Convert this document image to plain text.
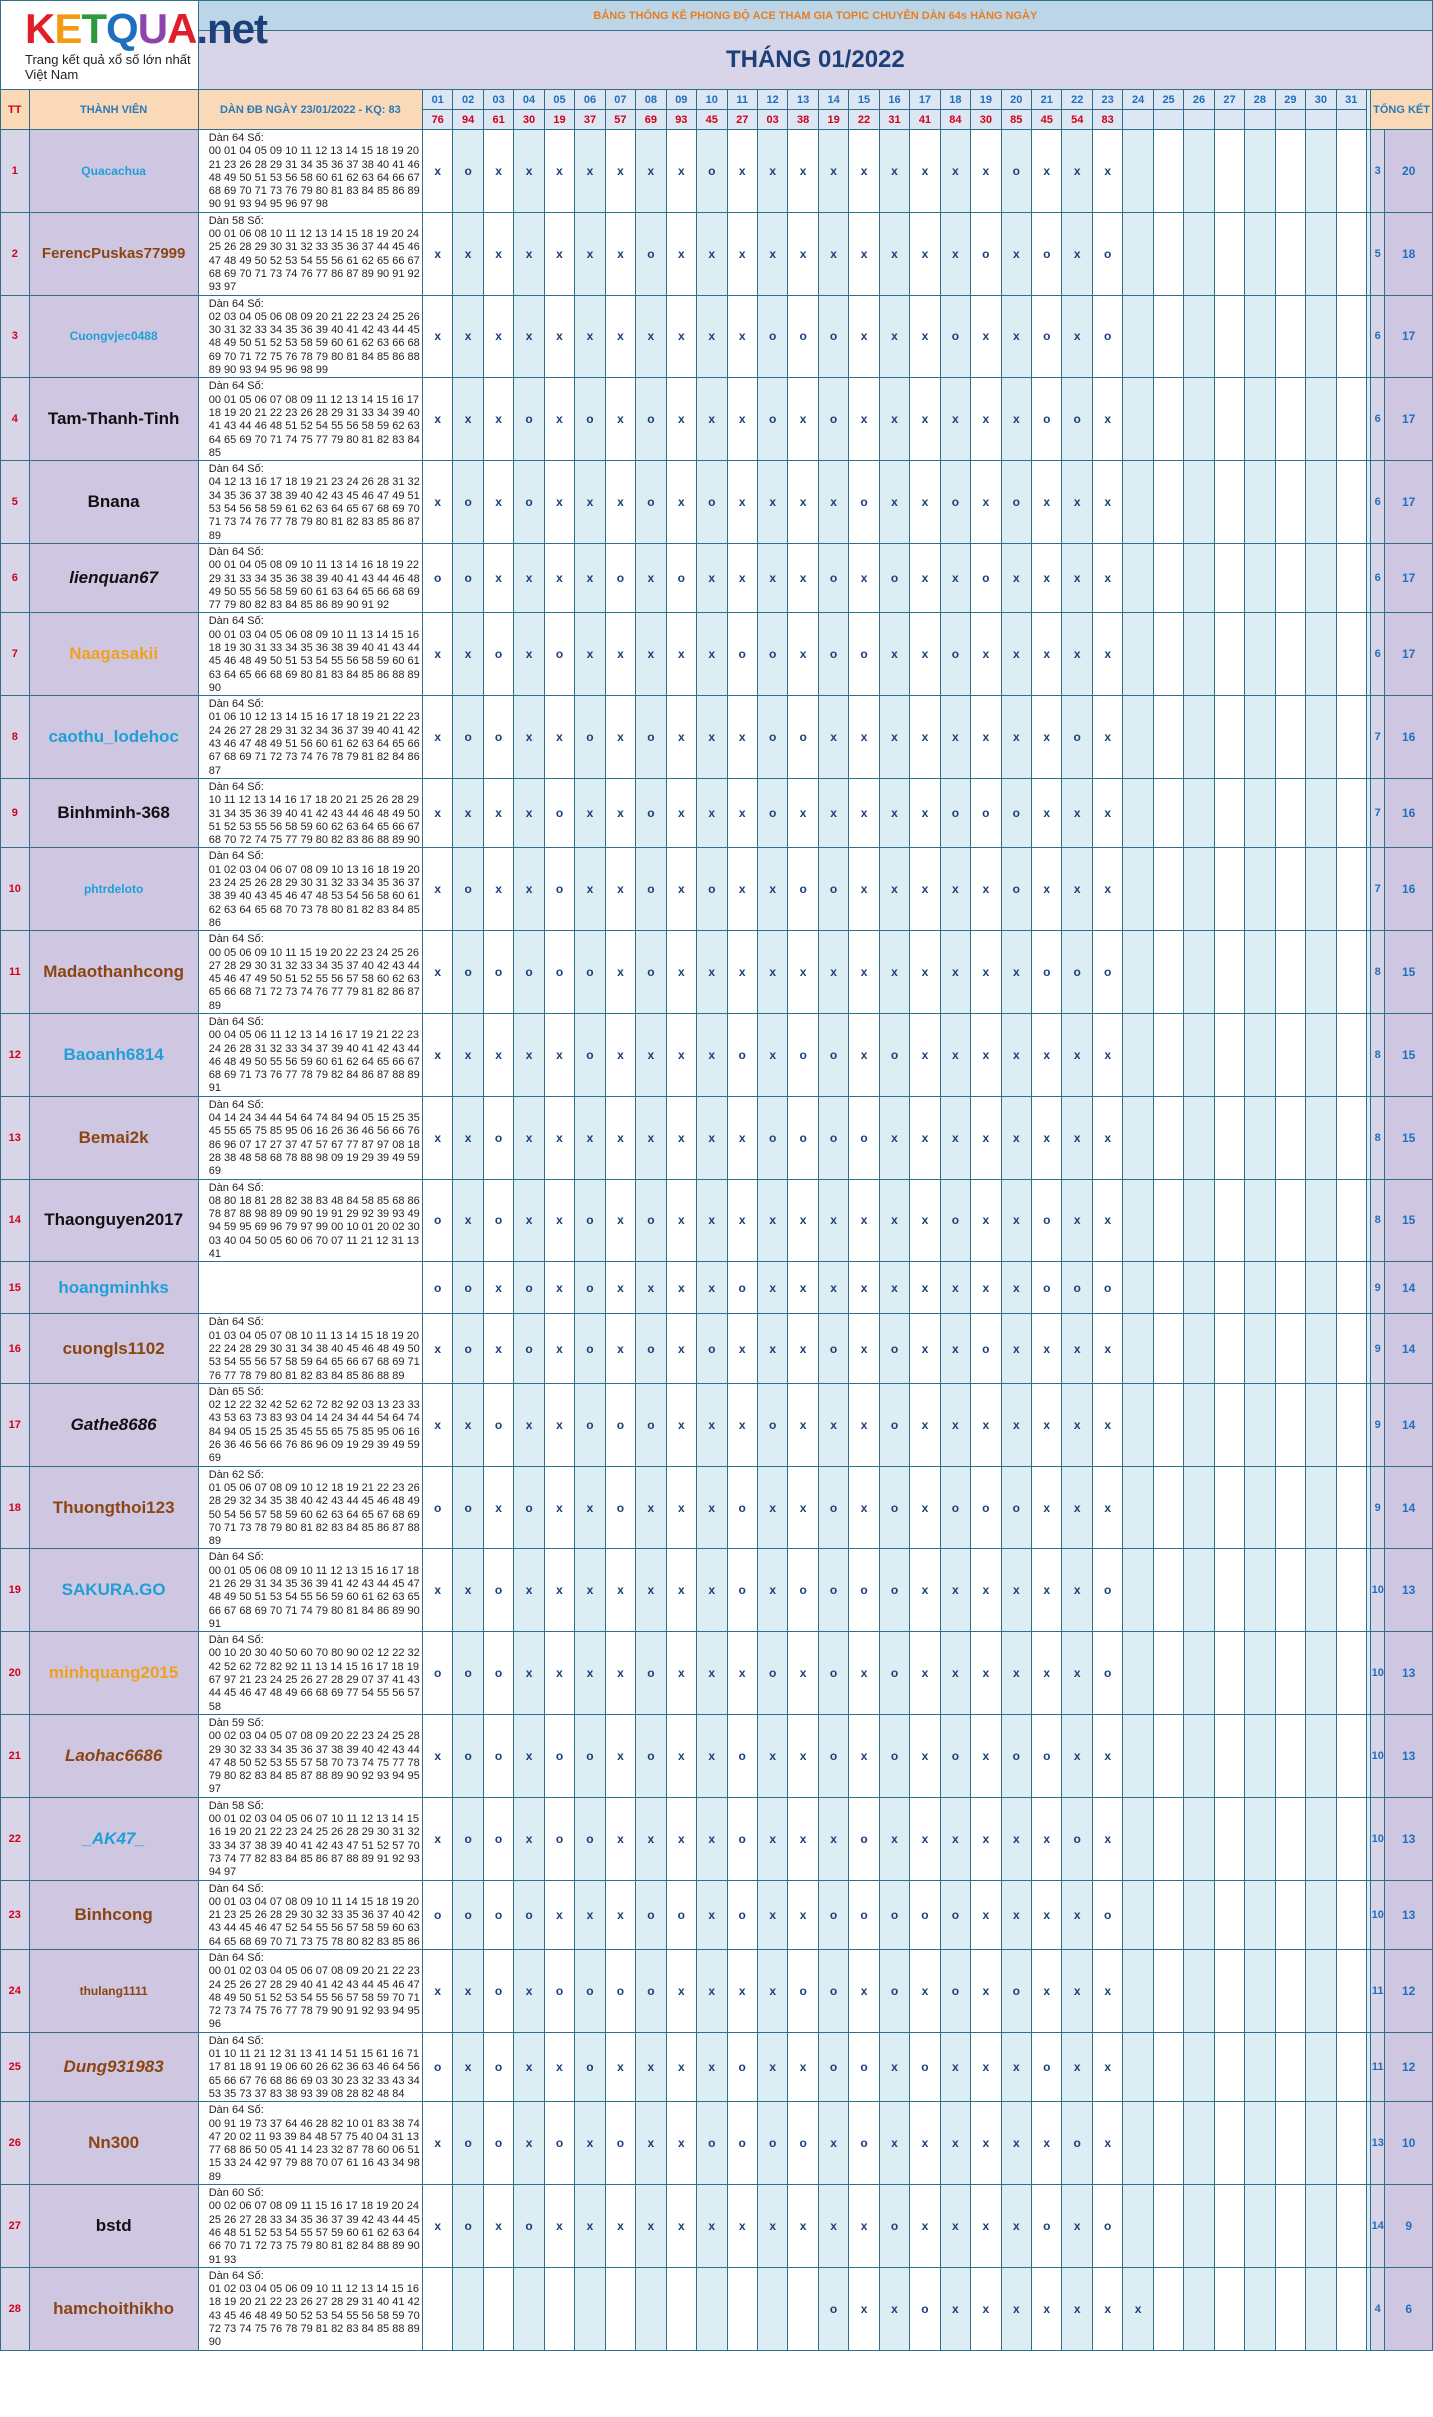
KETQUA.net
Trang kết quả xổ số lớn nhất Việt Nam		BẢNG THỐNG KÊ PHONG ĐỘ ACE THAM GIA TOPIC CHUYÊN DÀN 64s HÀNG NGÀY																																		
		THÁNG 01/2022																																		
TT	THÀNH VIÊN	DÀN ĐB NGÀY 23/01/2022 - KQ: 83	01	02	03	04	05	06	07	08	09	10	11	12	13	14	15	16	17	18	19	20	21	22	23	24	25	26	27	28	29	30	31		TỔNG KẾT	
			76	94	61	30	19	37	57	69	93	45	27	03	38	19	22	31	41	84	30	85	45	54	83											
1	Quacachua	Dàn 64 Số:
00 01 04 05 09 10 11 12 13 14 15 18 19 20 21 23 26 28 29 31 34 35 36 37 38 40 41 46 48 49 50 51 53 56 58 60 61 62 63 64 66 67 68 69 70 71 73 76 79 80 81 83 84 85 86 89 90 91 93 94 95 96 97 98	x	o	x	x	x	x	x	x	x	o	x	x	x	x	x	x	x	x	x	o	x	x	x										3	20
2	FerencPuskas77999	Dàn 58 Số:
00 01 06 08 10 11 12 13 14 15 18 19 20 24 25 26 28 29 30 31 32 33 35 36 37 44 45 46 47 48 49 50 52 53 54 55 56 61 62 65 66 67 68 69 70 71 73 74 76 77 86 87 89 90 91 92 93 97	x	x	x	x	x	x	x	o	x	x	x	x	x	x	x	x	x	x	o	x	o	x	o										5	18
3	Cuongvjec0488	Dàn 64 Số:
02 03 04 05 06 08 09 20 21 22 23 24 25 26 30 31 32 33 34 35 36 39 40 41 42 43 44 45 48 49 50 51 52 53 58 59 60 61 62 63 66 68 69 70 71 72 75 76 78 79 80 81 84 85 86 88 89 90 93 94 95 96 98 99	x	x	x	x	x	x	x	x	x	x	x	o	o	o	x	x	x	o	x	x	o	x	o										6	17
4	Tam-Thanh-Tinh	Dàn 64 Số:
00 01 05 06 07 08 09 11 12 13 14 15 16 17 18 19 20 21 22 23 26 28 29 31 33 34 39 40 41 43 44 46 48 51 52 54 55 56 58 59 62 63 64 65 69 70 71 74 75 77 79 80 81 82 83 84 85	x	x	x	o	x	o	x	o	x	x	x	o	x	o	x	x	x	x	x	x	o	o	x										6	17
5	Bnana	Dàn 64 Số:
04 12 13 16 17 18 19 21 23 24 26 28 31 32 34 35 36 37 38 39 40 42 43 45 46 47 49 51 53 54 56 58 59 61 62 63 64 65 67 68 69 70 71 73 74 76 77 78 79 80 81 82 83 85 86 87 89	x	o	x	o	x	x	x	o	x	o	x	x	x	x	o	x	x	o	x	o	x	x	x										6	17
6	lienquan67	Dàn 64 Số:
00 01 04 05 08 09 10 11 13 14 16 18 19 22 29 31 33 34 35 36 38 39 40 41 43 44 46 48 49 50 55 56 58 59 60 61 63 64 65 66 68 69 77 79 80 82 83 84 85 86 89 90 91 92	o	o	x	x	x	x	o	x	o	x	x	x	x	o	x	o	x	x	o	x	x	x	x										6	17
7	Naagasakii	Dàn 64 Số:
00 01 03 04 05 06 08 09 10 11 13 14 15 16 18 19 30 31 33 34 35 36 38 39 40 41 43 44 45 46 48 49 50 51 53 54 55 56 58 59 60 61 63 64 65 66 68 69 80 81 83 84 85 86 88 89 90	x	x	o	x	o	x	x	x	x	x	o	o	x	o	o	x	x	o	x	x	x	x	x										6	17
8	caothu_lodehoc	Dàn 64 Số:
01 06 10 12 13 14 15 16 17 18 19 21 22 23 24 26 27 28 29 31 32 34 36 37 39 40 41 42 43 46 47 48 49 51 56 60 61 62 63 64 65 66 67 68 69 71 72 73 74 76 78 79 81 82 84 86 87	x	o	o	x	x	o	x	o	x	x	x	o	o	x	x	x	x	x	x	x	x	o	x										7	16
9	Binhminh-368	Dàn 64 Số:
10 11 12 13 14 16 17 18 20 21 25 26 28 29 31 34 35 36 39 40 41 42 43 44 46 48 49 50 51 52 53 55 56 58 59 60 62 63 64 65 66 67 68 70 72 74 75 77 79 80 82 83 86 88 89 90	x	x	x	x	o	x	x	o	x	x	x	o	x	x	x	x	x	o	o	o	x	x	x										7	16
10	phtrdeloto	Dàn 64 Số:
01 02 03 04 06 07 08 09 10 13 16 18 19 20 23 24 25 26 28 29 30 31 32 33 34 35 36 37 38 39 40 43 45 46 47 48 53 54 56 58 60 61 62 63 64 65 68 70 73 78 80 81 82 83 84 85 86	x	o	x	x	o	x	x	o	x	o	x	x	o	o	x	x	x	x	x	o	x	x	x										7	16
11	Madaothanhcong	Dàn 64 Số:
00 05 06 09 10 11 15 19 20 22 23 24 25 26 27 28 29 30 31 32 33 34 35 37 40 42 43 44 45 46 47 49 50 51 52 55 56 57 58 60 62 63 65 66 68 71 72 73 74 76 77 79 81 82 86 87 89	x	o	o	o	o	o	x	o	x	x	x	x	x	x	x	x	x	x	x	x	o	o	o										8	15
12	Baoanh6814	Dàn 64 Số:
00 04 05 06 11 12 13 14 16 17 19 21 22 23 24 26 28 31 32 33 34 37 39 40 41 42 43 44 46 48 49 50 55 56 59 60 61 62 64 65 66 67 68 69 71 73 76 77 78 79 82 84 86 87 88 89 91	x	x	x	x	x	o	x	x	x	x	o	x	o	o	x	o	x	x	x	x	x	x	x										8	15
13	Bemai2k	Dàn 64 Số:
04 14 24 34 44 54 64 74 84 94 05 15 25 35 45 55 65 75 85 95 06 16 26 36 46 56 66 76 86 96 07 17 27 37 47 57 67 77 87 97 08 18 28 38 48 58 68 78 88 98 09 19 29 39 49 59 69	x	x	o	x	x	x	x	x	x	x	x	o	o	o	o	x	x	x	x	x	x	x	x										8	15
14	Thaonguyen2017	Dàn 64 Số:
08 80 18 81 28 82 38 83 48 84 58 85 68 86 78 87 88 98 89 09 90 19 91 29 92 39 93 49 94 59 95 69 96 79 97 99 00 10 01 20 02 30 03 40 04 50 05 60 06 70 07 11 21 12 31 13 41	o	x	o	x	x	o	x	o	x	x	x	x	x	x	x	x	x	o	x	x	o	x	x										8	15
15	hoangminhks		o	o	x	o	x	o	x	x	x	x	o	x	x	x	x	x	x	x	x	x	o	o	o										9	14
16	cuongls1102	Dàn 64 Số:
01 03 04 05 07 08 10 11 13 14 15 18 19 20 22 24 28 29 30 31 34 38 40 45 46 48 49 50 53 54 55 56 57 58 59 64 65 66 67 68 69 71 76 77 78 79 80 81 82 83 84 85 86 88 89	x	o	x	o	x	o	x	o	x	o	x	x	x	o	x	o	x	x	o	x	x	x	x										9	14
17	Gathe8686	Dàn 65 Số:
02 12 22 32 42 52 62 72 82 92 03 13 23 33 43 53 63 73 83 93 04 14 24 34 44 54 64 74 84 94 05 15 25 35 45 55 65 75 85 95 06 16 26 36 46 56 66 76 86 96 09 19 29 39 49 59 69	x	x	o	x	x	o	o	o	x	x	x	o	x	x	x	o	x	x	x	x	x	x	x										9	14
18	Thuongthoi123	Dàn 62 Số:
01 05 06 07 08 09 10 12 18 19 21 22 23 26 28 29 32 34 35 38 40 42 43 44 45 46 48 49 50 54 56 57 58 59 60 62 63 64 65 67 68 69 70 71 73 78 79 80 81 82 83 84 85 86 87 88 89	o	o	x	o	x	x	o	x	x	x	o	x	x	o	x	o	x	o	o	o	x	x	x										9	14
19	SAKURA.GO	Dàn 64 Số:
00 01 05 06 08 09 10 11 12 13 15 16 17 18 21 26 29 31 34 35 36 39 41 42 43 44 45 47 48 49 50 51 53 54 55 56 59 60 61 62 63 65 66 67 68 69 70 71 74 79 80 81 84 86 89 90 91	x	x	o	x	x	x	x	x	x	x	o	x	o	o	o	o	x	x	x	x	x	x	o										10	13
20	minhquang2015	Dàn 64 Số:
00 10 20 30 40 50 60 70 80 90 02 12 22 32 42 52 62 72 82 92 11 13 14 15 16 17 18 19 67 97 21 23 24 25 26 27 28 29 07 37 41 43 44 45 46 47 48 49 66 68 69 77 54 55 56 57 58	o	o	o	x	x	x	x	o	x	x	x	o	x	o	x	o	x	x	x	x	x	x	o										10	13
21	Laohac6686	Dàn 59 Số:
00 02 03 04 05 07 08 09 20 22 23 24 25 28 29 30 32 33 34 35 36 37 38 39 40 42 43 44 47 48 50 52 53 55 57 58 70 73 74 75 77 78 79 80 82 83 84 85 87 88 89 90 92 93 94 95 97	x	o	o	x	o	o	x	o	x	x	o	x	x	o	x	o	x	o	x	o	o	x	x										10	13
22	_AK47_	Dàn 58 Số:
00 01 02 03 04 05 06 07 10 11 12 13 14 15 16 19 20 21 22 23 24 25 26 28 29 30 31 32 33 34 37 38 39 40 41 42 43 47 51 52 57 70 73 74 77 82 83 84 85 86 87 88 89 91 92 93 94 97	x	o	o	x	o	o	x	x	x	x	o	x	x	x	o	x	x	x	x	x	x	o	x										10	13
23	Binhcong	Dàn 64 Số:
00 01 03 04 07 08 09 10 11 14 15 18 19 20 21 23 25 26 28 29 30 32 33 35 36 37 40 42 43 44 45 46 47 52 54 55 56 57 58 59 60 63 64 65 68 69 70 71 73 75 78 80 82 83 85 86	o	o	o	o	x	x	x	o	o	x	o	x	x	o	o	o	o	o	x	x	x	x	o										10	13
24	thulang1111	Dàn 64 Số:
00 01 02 03 04 05 06 07 08 09 20 21 22 23 24 25 26 27 28 29 40 41 42 43 44 45 46 47 48 49 50 51 52 53 54 55 56 57 58 59 70 71 72 73 74 75 76 77 78 79 90 91 92 93 94 95 96	x	x	o	x	o	o	o	o	x	x	x	x	o	o	x	o	x	o	x	o	x	x	x										11	12
25	Dung931983	Dàn 64 Số:
01 10 11 21 12 31 13 41 14 51 15 61 16 71 17 81 18 91 19 06 60 26 62 36 63 46 64 56 65 66 67 76 68 86 69 03 30 23 32 33 43 34 53 35 73 37 83 38 93 39 08 28 82 48 84	o	x	o	x	x	o	x	x	x	x	o	x	x	o	o	x	o	x	x	x	o	x	x										11	12
26	Nn300	Dàn 64 Số:
00 91 19 73 37 64 46 28 82 10 01 83 38 74 47 20 02 11 93 39 84 48 57 75 40 04 31 13 77 68 86 50 05 41 14 23 32 87 78 60 06 51 15 33 24 42 97 79 88 70 07 61 16 43 34 98 89	x	o	o	x	o	x	o	x	x	o	o	o	o	x	o	x	x	x	x	x	x	o	x										13	10
27	bstd	Dàn 60 Số:
00 02 06 07 08 09 11 15 16 17 18 19 20 24 25 26 27 28 33 34 35 36 37 39 42 43 44 45 46 48 51 52 53 54 55 57 59 60 61 62 63 64 66 70 71 72 73 75 79 80 81 82 84 88 89 90 91 93	x	o	x	o	x	x	x	x	x	x	x	x	x	x	x	o	x	x	x	x	o	x	o										14	9
28	hamchoithikho	Dàn 64 Số:
01 02 03 04 05 06 09 10 11 12 13 14 15 16 18 19 20 21 22 23 26 27 28 29 31 40 41 42 43 45 46 48 49 50 52 53 54 55 56 58 59 70 72 73 74 75 76 78 79 81 82 83 84 85 88 89 90														o	x	x	o	x	x	x	x	x	x	x									4	6
